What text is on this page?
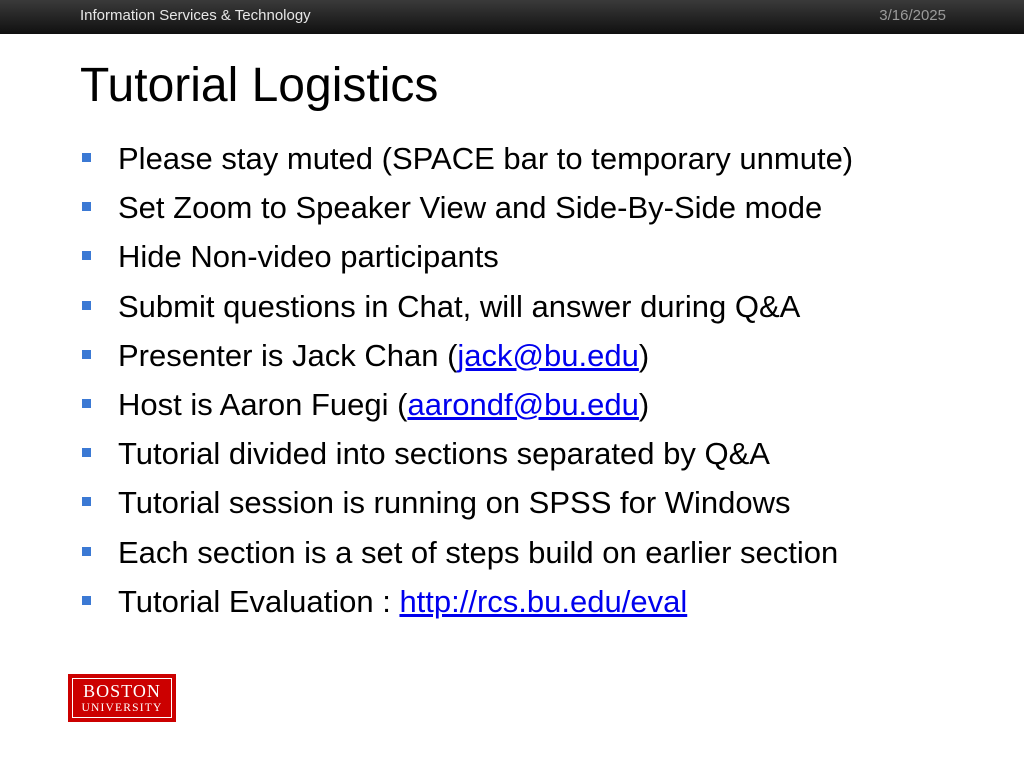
Information Services & Technology	3/16/2025
Tutorial Logistics
Please stay muted (SPACE bar to temporary unmute)
Set Zoom to Speaker View and Side-By-Side mode
Hide Non-video participants
Submit questions in Chat, will answer during Q&A
Presenter is Jack Chan (jack@bu.edu)
Host is Aaron Fuegi (aarondf@bu.edu)
Tutorial divided into sections separated by Q&A
Tutorial session is running on SPSS for Windows
Each section is a set of steps build on earlier section
Tutorial Evaluation : http://rcs.bu.edu/eval
BOSTON
UNIVERSITY
